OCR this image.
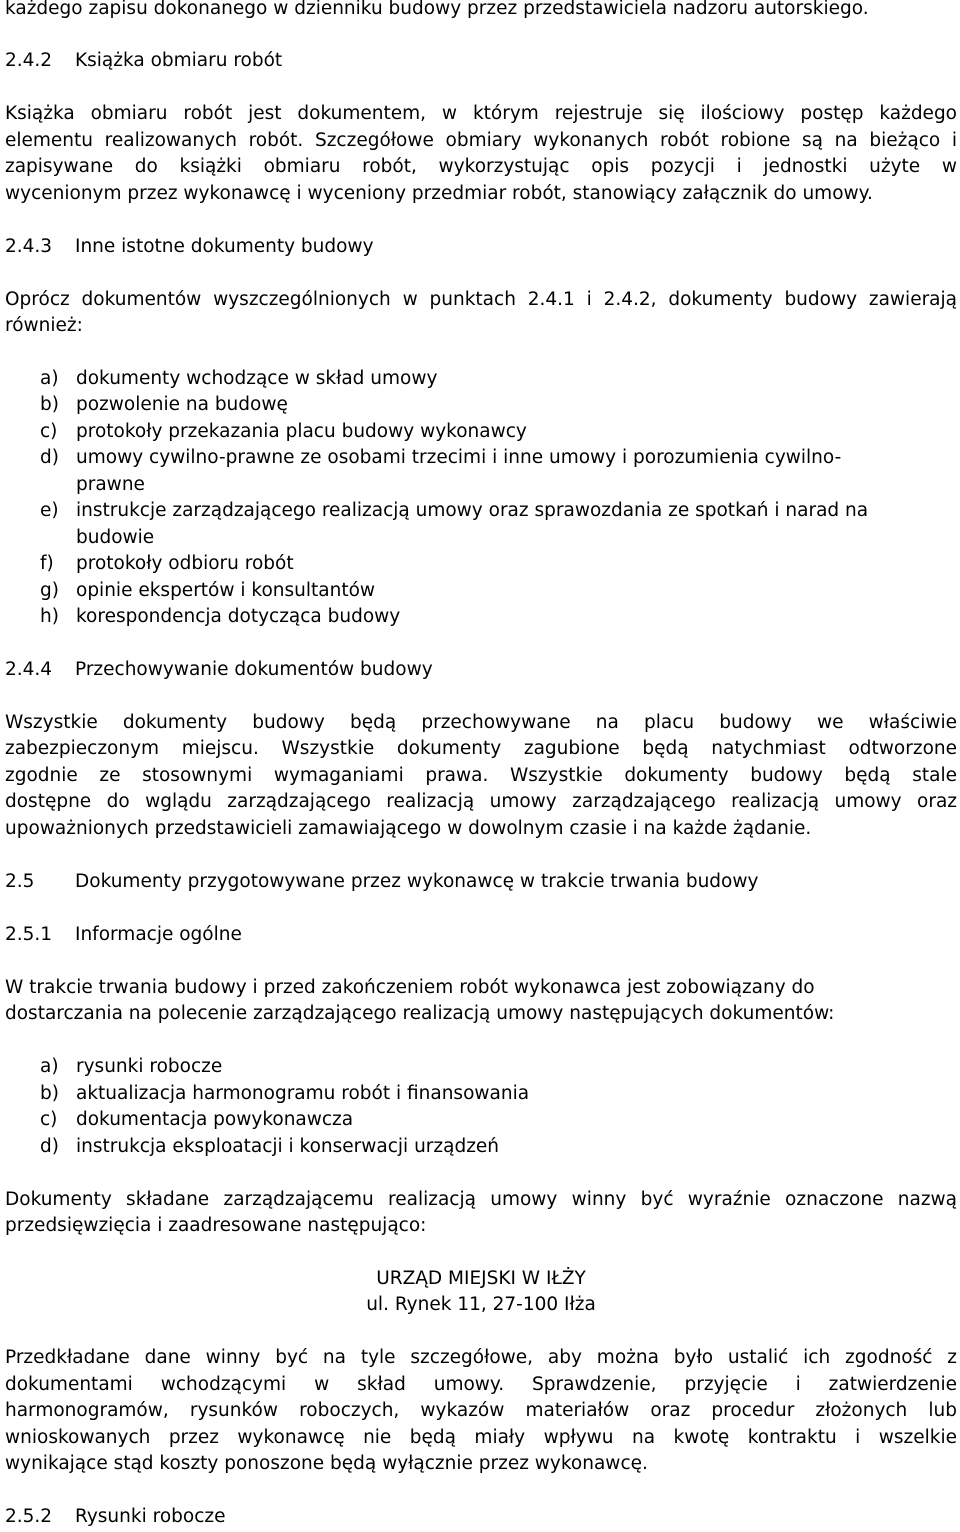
każdego zapisu dokonanego w dzienniku budowy przez przedstawiciela nadzoru autorskiego.
2.4.2 Książka obmiaru robót
Książka obmiaru robót jest dokumentem, w którym rejestruje się ilościowy postęp każdego
elementu realizowanych robót. Szczegółowe obmiary wykonanych robót robione są na bieżąco i
zapisywane do książki obmiaru robót, wykorzystując opis pozycji i jednostki użyte w
wycenionym przez wykonawcę i wyceniony przedmiar robót, stanowiący załącznik do umowy.
2.4.3 Inne istotne dokumenty budowy
Oprócz dokumentów wyszczególnionych w punktach 2.4.1 i 2.4.2, dokumenty budowy zawierają
również:
a) dokumenty wchodzące w skład umowy
b) pozwolenie na budowę
c) protokoły przekazania placu budowy wykonawcy
d) umowy cywilno-prawne ze osobami trzecimi i inne umowy i porozumienia cywilno-
prawne
e) instrukcje zarządzającego realizacją umowy oraz sprawozdania ze spotkań i narad na
budowie
f) protokoły odbioru robót
g) opinie ekspertów i konsultantów
h) korespondencja dotycząca budowy
2.4.4 Przechowywanie dokumentów budowy
Wszystkie dokumenty budowy będą przechowywane na placu budowy we właściwie
zabezpieczonym miejscu. Wszystkie dokumenty zagubione będą natychmiast odtworzone
zgodnie ze stosownymi wymaganiami prawa. Wszystkie dokumenty budowy będą stale
dostępne do wglądu zarządzającego realizacją umowy zarządzającego realizacją umowy oraz
upoważnionych przedstawicieli zamawiającego w dowolnym czasie i na każde żądanie.
2.5 Dokumenty przygotowywane przez wykonawcę w trakcie trwania budowy
2.5.1 Informacje ogólne
W trakcie trwania budowy i przed zakończeniem robót wykonawca jest zobowiązany do
dostarczania na polecenie zarządzającego realizacją umowy następujących dokumentów:
a) rysunki robocze
b) aktualizacja harmonogramu robót i finansowania
c) dokumentacja powykonawcza
d) instrukcja eksploatacji i konserwacji urządzeń
Dokumenty składane zarządzającemu realizacją umowy winny być wyraźnie oznaczone nazwą
przedsięwzięcia i zaadresowane następująco:
URZĄD MIEJSKI W IŁŻY
ul. Rynek 11, 27-100 Iłża
Przedkładane dane winny być na tyle szczegółowe, aby można było ustalić ich zgodność z
dokumentami wchodzącymi w skład umowy. Sprawdzenie, przyjęcie i zatwierdzenie
harmonogramów, rysunków roboczych, wykazów materiałów oraz procedur złożonych lub
wnioskowanych przez wykonawcę nie będą miały wpływu na kwotę kontraktu i wszelkie
wynikające stąd koszty ponoszone będą wyłącznie przez wykonawcę.
2.5.2 Rysunki robocze
